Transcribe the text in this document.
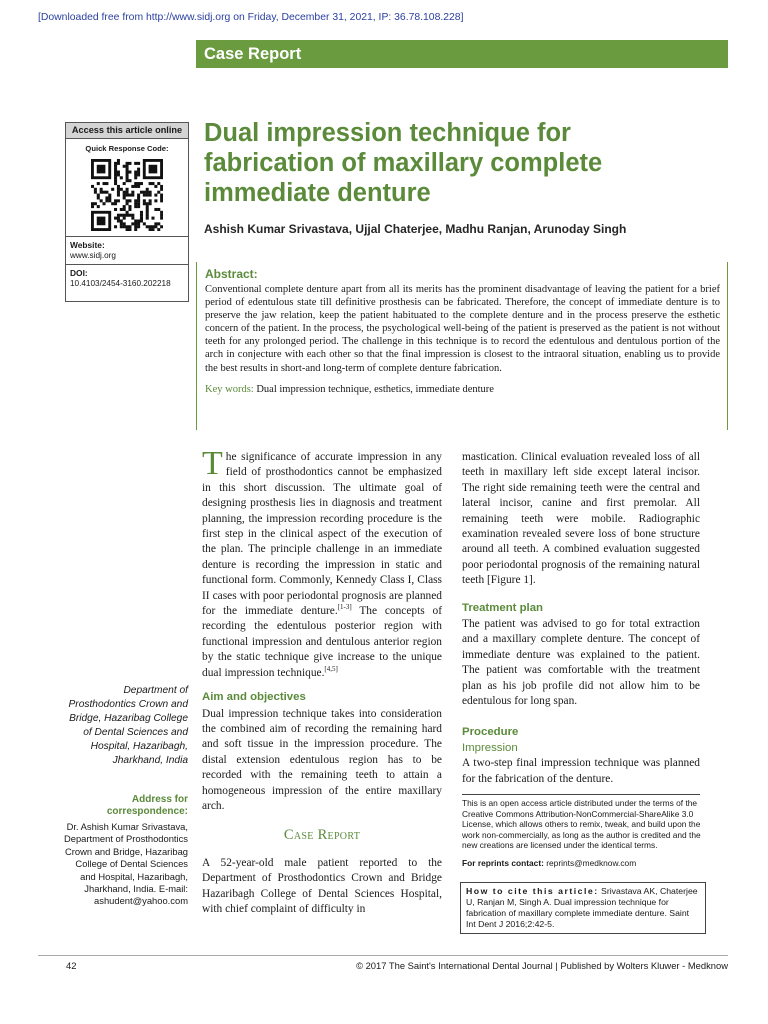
[Downloaded free from http://www.sidj.org on Friday, December 31, 2021, IP: 36.78.108.228]
Case Report
Access this article online
Quick Response Code:
Website:
www.sidj.org
DOI:
10.4103/2454-3160.202218
Dual impression technique for fabrication of maxillary complete immediate denture
Ashish Kumar Srivastava, Ujjal Chaterjee, Madhu Ranjan, Arunoday Singh
Abstract:
Conventional complete denture apart from all its merits has the prominent disadvantage of leaving the patient for a brief period of edentulous state till definitive prosthesis can be fabricated. Therefore, the concept of immediate denture is to preserve the jaw relation, keep the patient habituated to the complete denture and in the process preserve the esthetic concern of the patient. In the process, the psychological well-being of the patient is preserved as the patient is not without teeth for any prolonged period. The challenge in this technique is to record the edentulous and dentulous portion of the arch in conjecture with each other so that the final impression is closest to the intraoral situation, enabling us to provide the best results in short-and long-term of complete denture fabrication.
Key words: Dual impression technique, esthetics, immediate denture

The significance of accurate impression in any field of prosthodontics cannot be emphasized in this short discussion. The ultimate goal of designing prosthesis lies in diagnosis and treatment planning, the impression recording procedure is the first step in the clinical aspect of the execution of the plan. The principle challenge in an immediate denture is recording the impression in static and functional form. Commonly, Kennedy Class I, Class II cases with poor periodontal prognosis are planned for the immediate denture.[1-3] The concepts of recording the edentulous posterior region with functional impression and dentulous anterior region by the static technique give increase to the unique dual impression technique.[4,5]

Aim and objectives

Dual impression technique takes into consideration the combined aim of recording the remaining hard and soft tissue in the impression procedure. The distal extension edentulous region has to be recorded with the remaining teeth to attain a homogeneous impression of the entire maxillary arch.

Case Report

A 52-year-old male patient reported to the Department of Prosthodontics Crown and Bridge Hazaribagh College of Dental Sciences Hospital, with chief complaint of difficulty in

mastication. Clinical evaluation revealed loss of all teeth in maxillary left side except lateral incisor. The right side remaining teeth were the central and lateral incisor, canine and first premolar. All remaining teeth were mobile. Radiographic examination revealed severe loss of bone structure around all teeth. A combined evaluation suggested poor periodontal prognosis of the remaining natural teeth [Figure 1].

Treatment plan

The patient was advised to go for total extraction and a maxillary complete denture. The concept of immediate denture was explained to the patient. The patient was comfortable with the treatment plan as his job profile did not allow him to be edentulous for long span.

Procedure
Impression

A two-step final impression technique was planned for the fabrication of the denture.

Department of Prosthodontics Crown and Bridge, Hazaribag College of Dental Sciences and Hospital, Hazaribagh, Jharkhand, India
Address for correspondence:
Dr. Ashish Kumar Srivastava, Department of Prosthodontics Crown and Bridge, Hazaribag College of Dental Sciences and Hospital, Hazaribagh, Jharkhand, India. E-mail: ashudent@yahoo.com
This is an open access article distributed under the terms of the Creative Commons Attribution-NonCommercial-ShareAlike 3.0 License, which allows others to remix, tweak, and build upon the work non-commercially, as long as the author is credited and the new creations are licensed under the identical terms.
For reprints contact: reprints@medknow.com
How to cite this article: Srivastava AK, Chaterjee U, Ranjan M, Singh A. Dual impression technique for fabrication of maxillary complete immediate denture. Saint Int Dent J 2016;2:42-5.
42	© 2017 The Saint's International Dental Journal | Published by Wolters Kluwer - Medknow
